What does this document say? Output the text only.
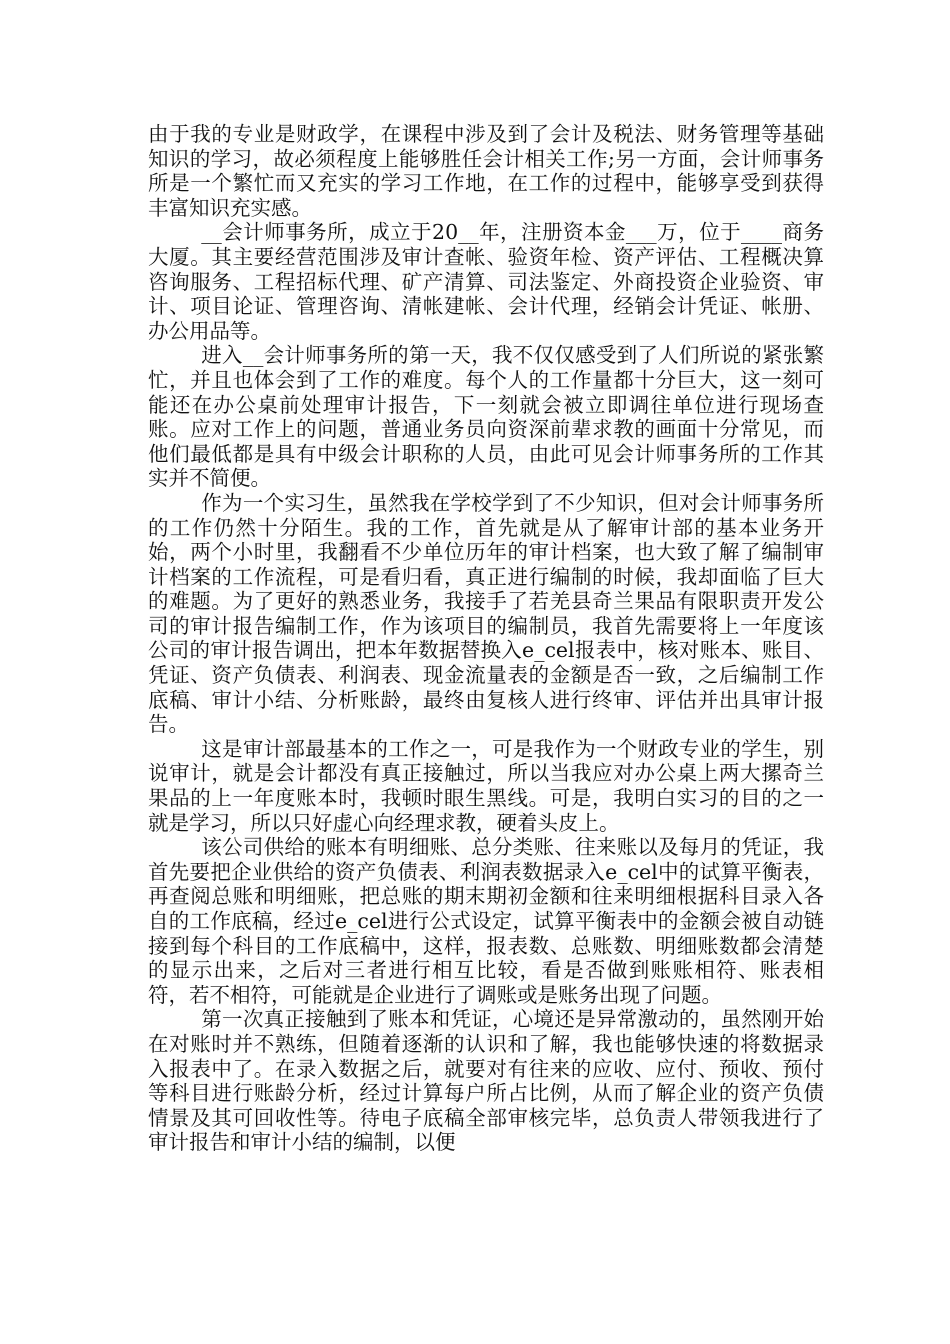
由于我的专业是财政学，在课程中涉及到了会计及税法、财务管理等基础知识的学习，故必须程度上能够胜任会计相关工作;另一方面，会计师事务所是一个繁忙而又充实的学习工作地，在工作的过程中，能够享受到获得丰富知识充实感。

__会计师事务所，成立于20__年，注册资本金___万，位于____商务大厦。其主要经营范围涉及审计查帐、验资年检、资产评估、工程概决算咨询服务、工程招标代理、矿产清算、司法鉴定、外商投资企业验资、审计、项目论证、管理咨询、清帐建帐、会计代理，经销会计凭证、帐册、办公用品等。

进入__会计师事务所的第一天，我不仅仅感受到了人们所说的紧张繁忙，并且也体会到了工作的难度。每个人的工作量都十分巨大，这一刻可能还在办公桌前处理审计报告，下一刻就会被立即调往单位进行现场查账。应对工作上的问题，普通业务员向资深前辈求教的画面十分常见，而他们最低都是具有中级会计职称的人员，由此可见会计师事务所的工作其实并不简便。

作为一个实习生，虽然我在学校学到了不少知识，但对会计师事务所的工作仍然十分陌生。我的工作，首先就是从了解审计部的基本业务开始，两个小时里，我翻看不少单位历年的审计档案，也大致了解了编制审计档案的工作流程，可是看归看，真正进行编制的时候，我却面临了巨大的难题。为了更好的熟悉业务，我接手了若羌县奇兰果品有限职责开发公司的审计报告编制工作，作为该项目的编制员，我首先需要将上一年度该公司的审计报告调出，把本年数据替换入e_cel报表中，核对账本、账目、凭证、资产负债表、利润表、现金流量表的金额是否一致，之后编制工作底稿、审计小结、分析账龄，最终由复核人进行终审、评估并出具审计报告。

这是审计部最基本的工作之一，可是我作为一个财政专业的学生，别说审计，就是会计都没有真正接触过，所以当我应对办公桌上两大摞奇兰果品的上一年度账本时，我顿时眼生黑线。可是，我明白实习的目的之一就是学习，所以只好虚心向经理求教，硬着头皮上。

该公司供给的账本有明细账、总分类账、往来账以及每月的凭证，我首先要把企业供给的资产负债表、利润表数据录入e_cel中的试算平衡表，再查阅总账和明细账，把总账的期末期初金额和往来明细根据科目录入各自的工作底稿，经过e_cel进行公式设定，试算平衡表中的金额会被自动链接到每个科目的工作底稿中，这样，报表数、总账数、明细账数都会清楚的显示出来，之后对三者进行相互比较，看是否做到账账相符、账表相符，若不相符，可能就是企业进行了调账或是账务出现了问题。

第一次真正接触到了账本和凭证，心境还是异常激动的，虽然刚开始在对账时并不熟练，但随着逐渐的认识和了解，我也能够快速的将数据录入报表中了。在录入数据之后，就要对有往来的应收、应付、预收、预付等科目进行账龄分析，经过计算每户所占比例，从而了解企业的资产负债情景及其可回收性等。待电子底稿全部审核完毕，总负责人带领我进行了审计报告和审计小结的编制，以便
